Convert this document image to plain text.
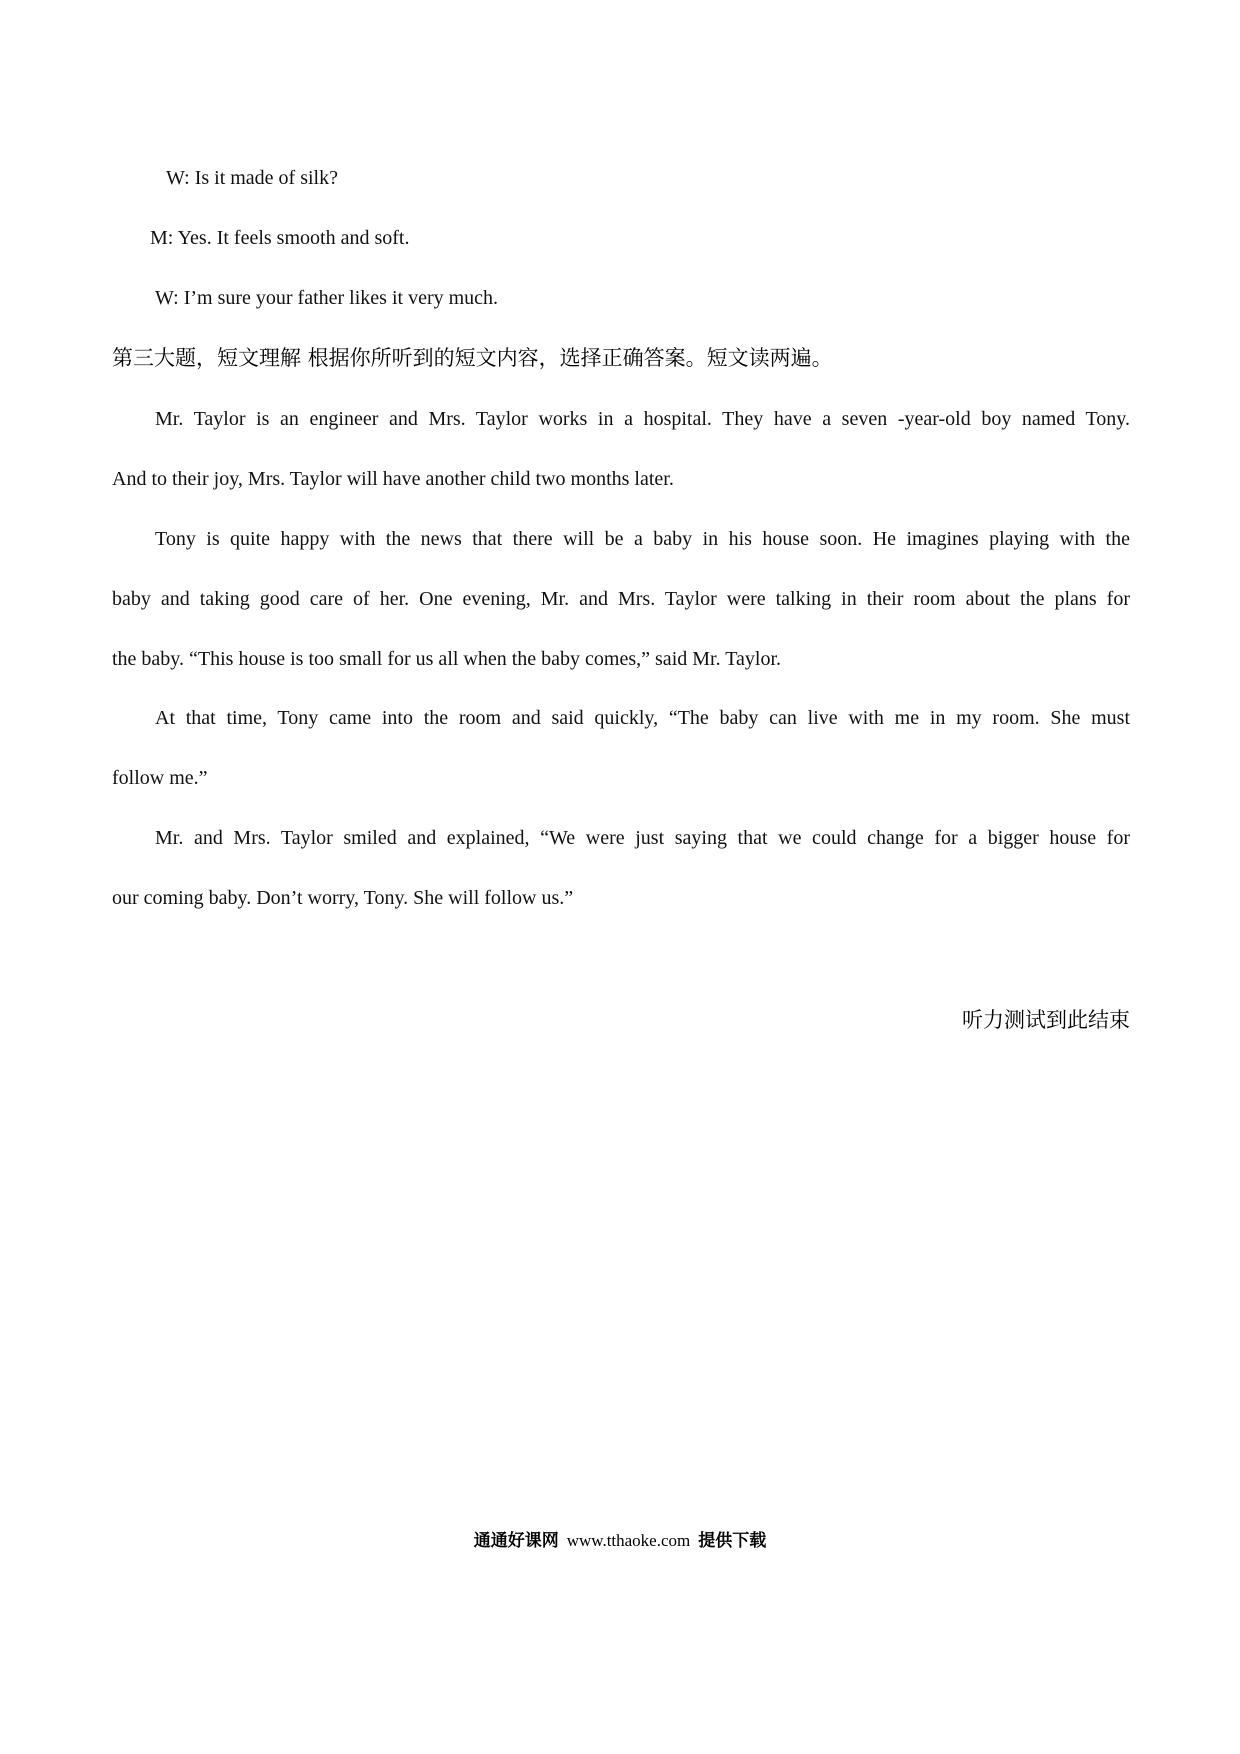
W: Is it made of silk?
M: Yes. It feels smooth and soft.
W: I’m sure your father likes it very much.
第三大题，短文理解 根据你所听到的短文内容，选择正确答案。短文读两遍。
Mr. Taylor is an engineer and Mrs. Taylor works in a hospital. They have a seven -year-old boy named Tony.
And to their joy, Mrs. Taylor will have another child two months later.
Tony is quite happy with the news that there will be a baby in his house soon. He imagines playing with the
baby and taking good care of her. One evening, Mr. and Mrs. Taylor were talking in their room about the plans for
the baby. “This house is too small for us all when the baby comes,” said Mr. Taylor.
At that time, Tony came into the room and said quickly, “The baby can live with me in my room. She must
follow me.”
Mr. and Mrs. Taylor smiled and explained, “We were just saying that we could change for a bigger house for
our coming baby. Don’t worry, Tony. She will follow us.”
听力测试到此结束
通通好课网 www.tthaoke.com 提供下载
